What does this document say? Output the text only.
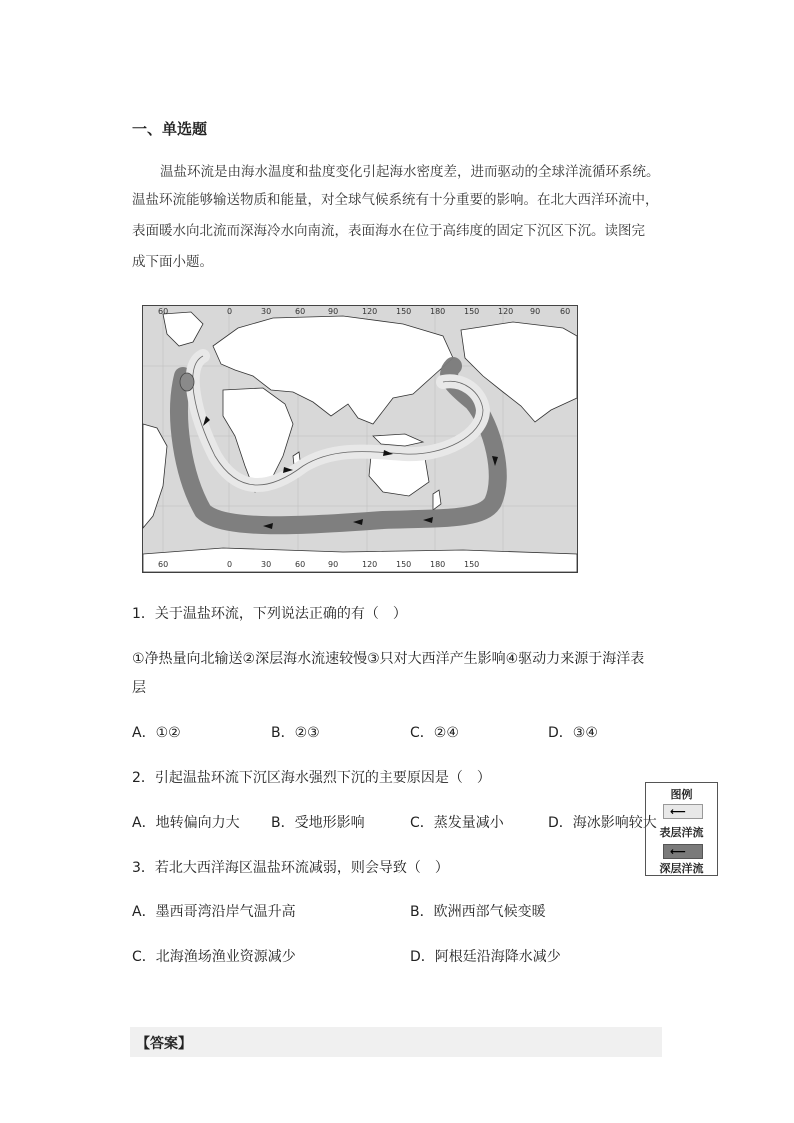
一、单选题

温盐环流是由海水温度和盐度变化引起海水密度差，进而驱动的全球洋流循环系统。

温盐环流能够输送物质和能量，对全球气候系统有十分重要的影响。在北大西洋环流中，

表面暖水向北流而深海冷水向南流，表面海水在位于高纬度的固定下沉区下沉。读图完

成下面小题。

图例
⟵
表层洋流
⟵
深层洋流
60	0	30	60	90	120 150 180 150 120 90 60
60	0	30	60	90	120 150 180 150

1．关于温盐环流，下列说法正确的有（　）

①净热量向北输送②深层海水流速较慢③只对大西洋产生影响④驱动力来源于海洋表

层

A．①②	B．②③	C．②④	D．③④

2．引起温盐环流下沉区海水强烈下沉的主要原因是（　）

A．地转偏向力大 B．受地形影响	C．蒸发量减小	D．海冰影响较大

3．若北大西洋海区温盐环流减弱，则会导致（　）

A．墨西哥湾沿岸气温升高	B．欧洲西部气候变暖
C．北海渔场渔业资源减少	D．阿根廷沿海降水减少
【答案】
